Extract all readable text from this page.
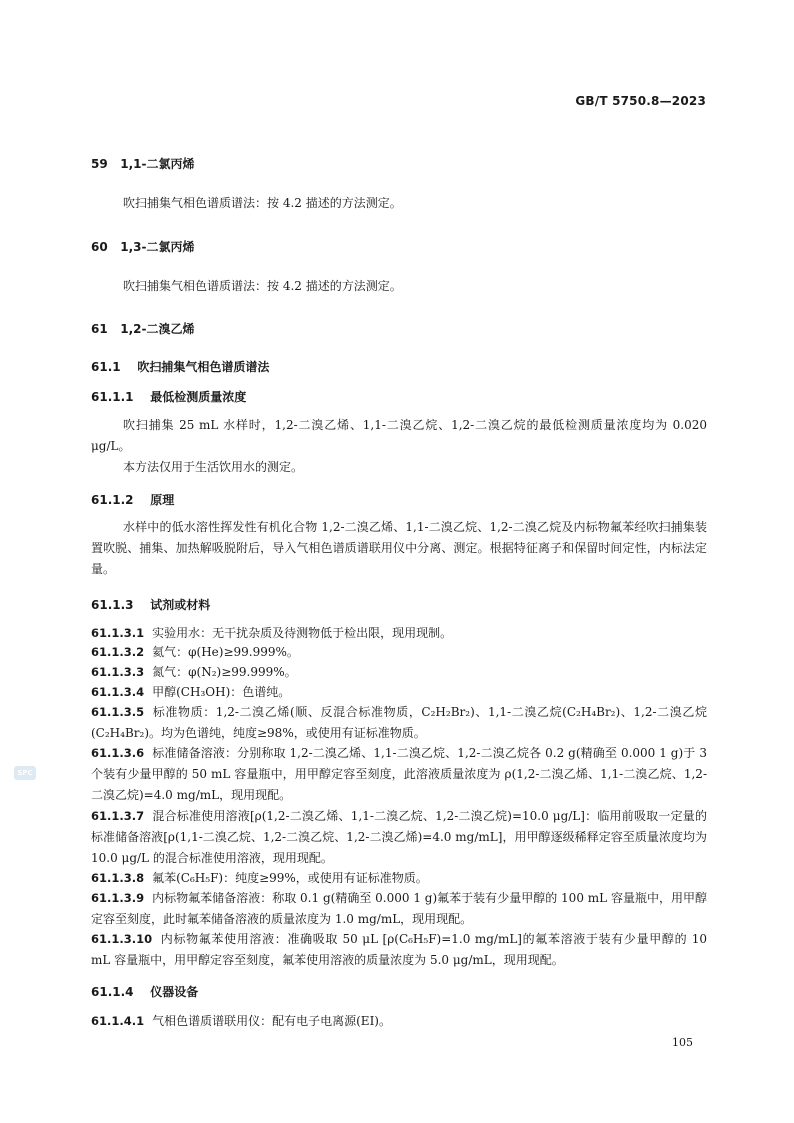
GB/T 5750.8—2023
SPC
59 1,1-二氯丙烯
吹扫捕集气相色谱质谱法：按 4.2 描述的方法测定。
60 1,3-二氯丙烯
吹扫捕集气相色谱质谱法：按 4.2 描述的方法测定。
61 1,2-二溴乙烯
61.1 吹扫捕集气相色谱质谱法
61.1.1 最低检测质量浓度
吹扫捕集 25 mL 水样时，1,2-二溴乙烯、1,1-二溴乙烷、1,2-二溴乙烷的最低检测质量浓度均为 0.020 μg/L。
本方法仅用于生活饮用水的测定。
61.1.2 原理
水样中的低水溶性挥发性有机化合物 1,2-二溴乙烯、1,1-二溴乙烷、1,2-二溴乙烷及内标物氟苯经吹扫捕集装置吹脱、捕集、加热解吸脱附后，导入气相色谱质谱联用仪中分离、测定。根据特征离子和保留时间定性，内标法定量。
61.1.3 试剂或材料
61.1.3.1 实验用水：无干扰杂质及待测物低于检出限，现用现制。
61.1.3.2 氦气：φ(He)≥99.999%。
61.1.3.3 氮气：φ(N₂)≥99.999%。
61.1.3.4 甲醇(CH₃OH)：色谱纯。
61.1.3.5 标准物质：1,2-二溴乙烯(顺、反混合标准物质，C₂H₂Br₂)、1,1-二溴乙烷(C₂H₄Br₂)、1,2-二溴乙烷(C₂H₄Br₂)。均为色谱纯，纯度≥98%，或使用有证标准物质。
61.1.3.6 标准储备溶液：分别称取 1,2-二溴乙烯、1,1-二溴乙烷、1,2-二溴乙烷各 0.2 g(精确至 0.000 1 g)于 3 个装有少量甲醇的 50 mL 容量瓶中，用甲醇定容至刻度，此溶液质量浓度为 ρ(1,2-二溴乙烯、1,1-二溴乙烷、1,2-二溴乙烷)=4.0 mg/mL，现用现配。
61.1.3.7 混合标准使用溶液[ρ(1,2-二溴乙烯、1,1-二溴乙烷、1,2-二溴乙烷)=10.0 μg/L]：临用前吸取一定量的标准储备溶液[ρ(1,1-二溴乙烷、1,2-二溴乙烷、1,2-二溴乙烯)=4.0 mg/mL]，用甲醇逐级稀释定容至质量浓度均为 10.0 μg/L 的混合标准使用溶液，现用现配。
61.1.3.8 氟苯(C₆H₅F)：纯度≥99%，或使用有证标准物质。
61.1.3.9 内标物氟苯储备溶液：称取 0.1 g(精确至 0.000 1 g)氟苯于装有少量甲醇的 100 mL 容量瓶中，用甲醇定容至刻度，此时氟苯储备溶液的质量浓度为 1.0 mg/mL，现用现配。
61.1.3.10 内标物氟苯使用溶液：准确吸取 50 μL [ρ(C₆H₅F)=1.0 mg/mL]的氟苯溶液于装有少量甲醇的 10 mL 容量瓶中，用甲醇定容至刻度，氟苯使用溶液的质量浓度为 5.0 μg/mL，现用现配。
61.1.4 仪器设备
61.1.4.1 气相色谱质谱联用仪：配有电子电离源(EI)。
105
